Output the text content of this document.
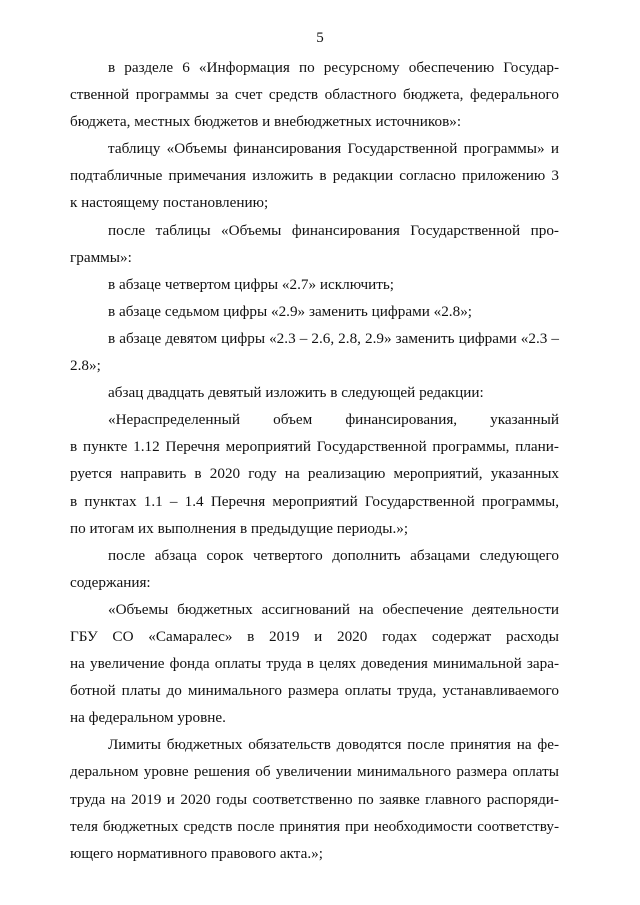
5
в разделе 6 «Информация по ресурсному обеспечению Государ-
ственной программы за счет средств областного бюджета, федерального
бюджета, местных бюджетов и внебюджетных источников»:
таблицу «Объемы финансирования Государственной программы» и
подтабличные примечания изложить в редакции согласно приложению 3
к настоящему постановлению;
после таблицы «Объемы финансирования Государственной про-
граммы»:
в абзаце четвертом цифры «2.7» исключить;
в абзаце седьмом цифры «2.9» заменить цифрами «2.8»;
в абзаце девятом цифры «2.3 – 2.6, 2.8, 2.9» заменить цифрами «2.3 –
2.8»;
абзац двадцать девятый изложить в следующей редакции:
«Нераспределенный объем финансирования, указанный
в пункте 1.12 Перечня мероприятий Государственной программы, плани-
руется направить в 2020 году на реализацию мероприятий, указанных
в пунктах 1.1 – 1.4 Перечня мероприятий Государственной программы,
по итогам их выполнения в предыдущие периоды.»;
после абзаца сорок четвертого дополнить абзацами следующего
содержания:
«Объемы бюджетных ассигнований на обеспечение деятельности
ГБУ СО «Самаралес» в 2019 и 2020 годах содержат расходы
на увеличение фонда оплаты труда в целях доведения минимальной зара-
ботной платы до минимального размера оплаты труда, устанавливаемого
на федеральном уровне.
Лимиты бюджетных обязательств доводятся после принятия на фе-
деральном уровне решения об увеличении минимального размера оплаты
труда на 2019 и 2020 годы соответственно по заявке главного распоряди-
теля бюджетных средств после принятия при необходимости соответству-
ющего нормативного правового акта.»;
